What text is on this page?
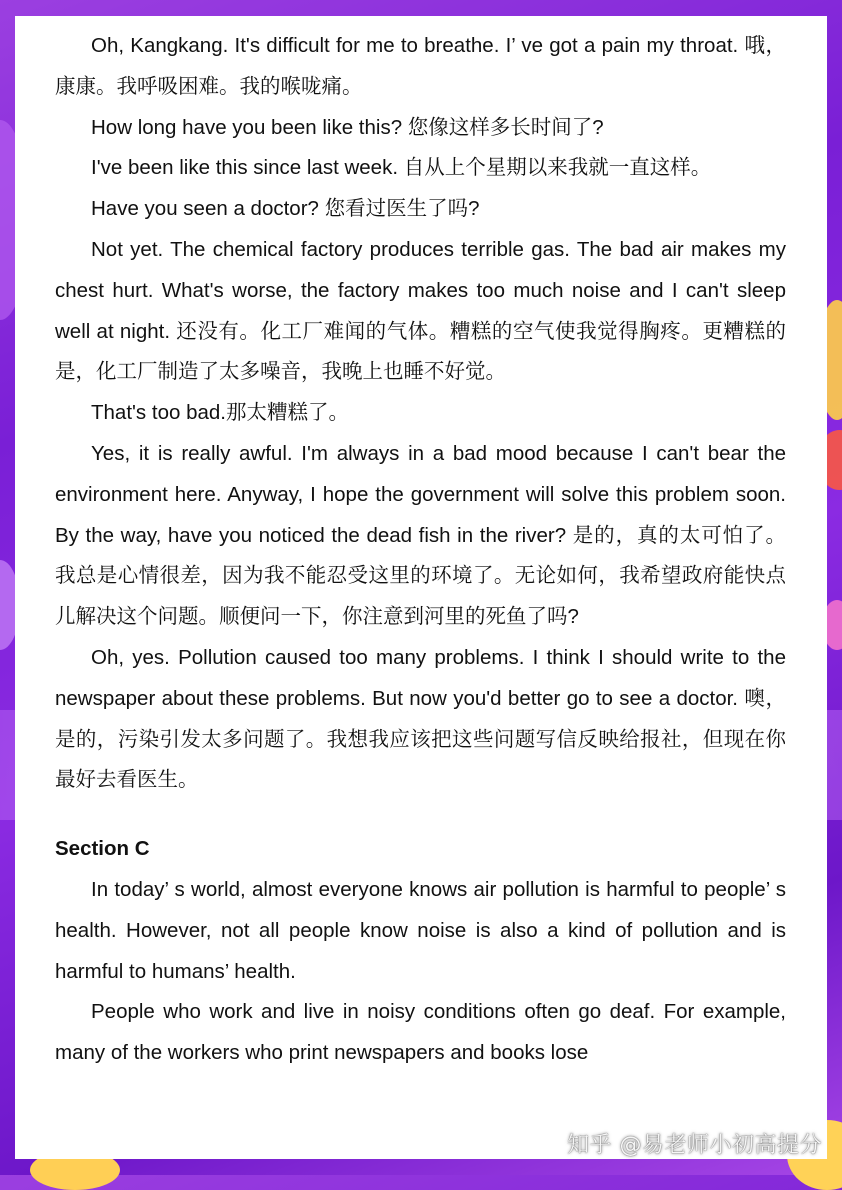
Oh, Kangkang. It's difficult for me to breathe. I’ ve got a pain my throat. 哦，康康。我呼吸困难。我的喉咙痛。

How long have you been like this? 您像这样多长时间了?

I've been like this since last week. 自从上个星期以来我就一直这样。

Have you seen a doctor? 您看过医生了吗?

Not yet. The chemical factory produces terrible gas. The bad air makes my chest hurt. What's worse, the factory makes too much noise and I can't sleep well at night. 还没有。化工厂难闻的气体。糟糕的空气使我觉得胸疼。更糟糕的是，化工厂制造了太多噪音，我晚上也睡不好觉。

That's too bad.那太糟糕了。

Yes, it is really awful. I'm always in a bad mood because I can't bear the environment here. Anyway, I hope the government will solve this problem soon. By the way, have you noticed the dead fish in the river? 是的，真的太可怕了。我总是心情很差，因为我不能忍受这里的环境了。无论如何，我希望政府能快点儿解决这个问题。顺便问一下，你注意到河里的死鱼了吗?

Oh, yes. Pollution caused too many problems. I think I should write to the newspaper about these problems. But now you'd better go to see a doctor. 噢，是的，污染引发太多问题了。我想我应该把这些问题写信反映给报社，但现在你最好去看医生。

Section C

In today’ s world, almost everyone knows air pollution is harmful to people’ s health. However, not all people know noise is also a kind of pollution and is harmful to humans’ health.

People who work and live in noisy conditions often go deaf. For example, many of the workers who print newspapers and books lose

知乎 @易老师小初高提分
